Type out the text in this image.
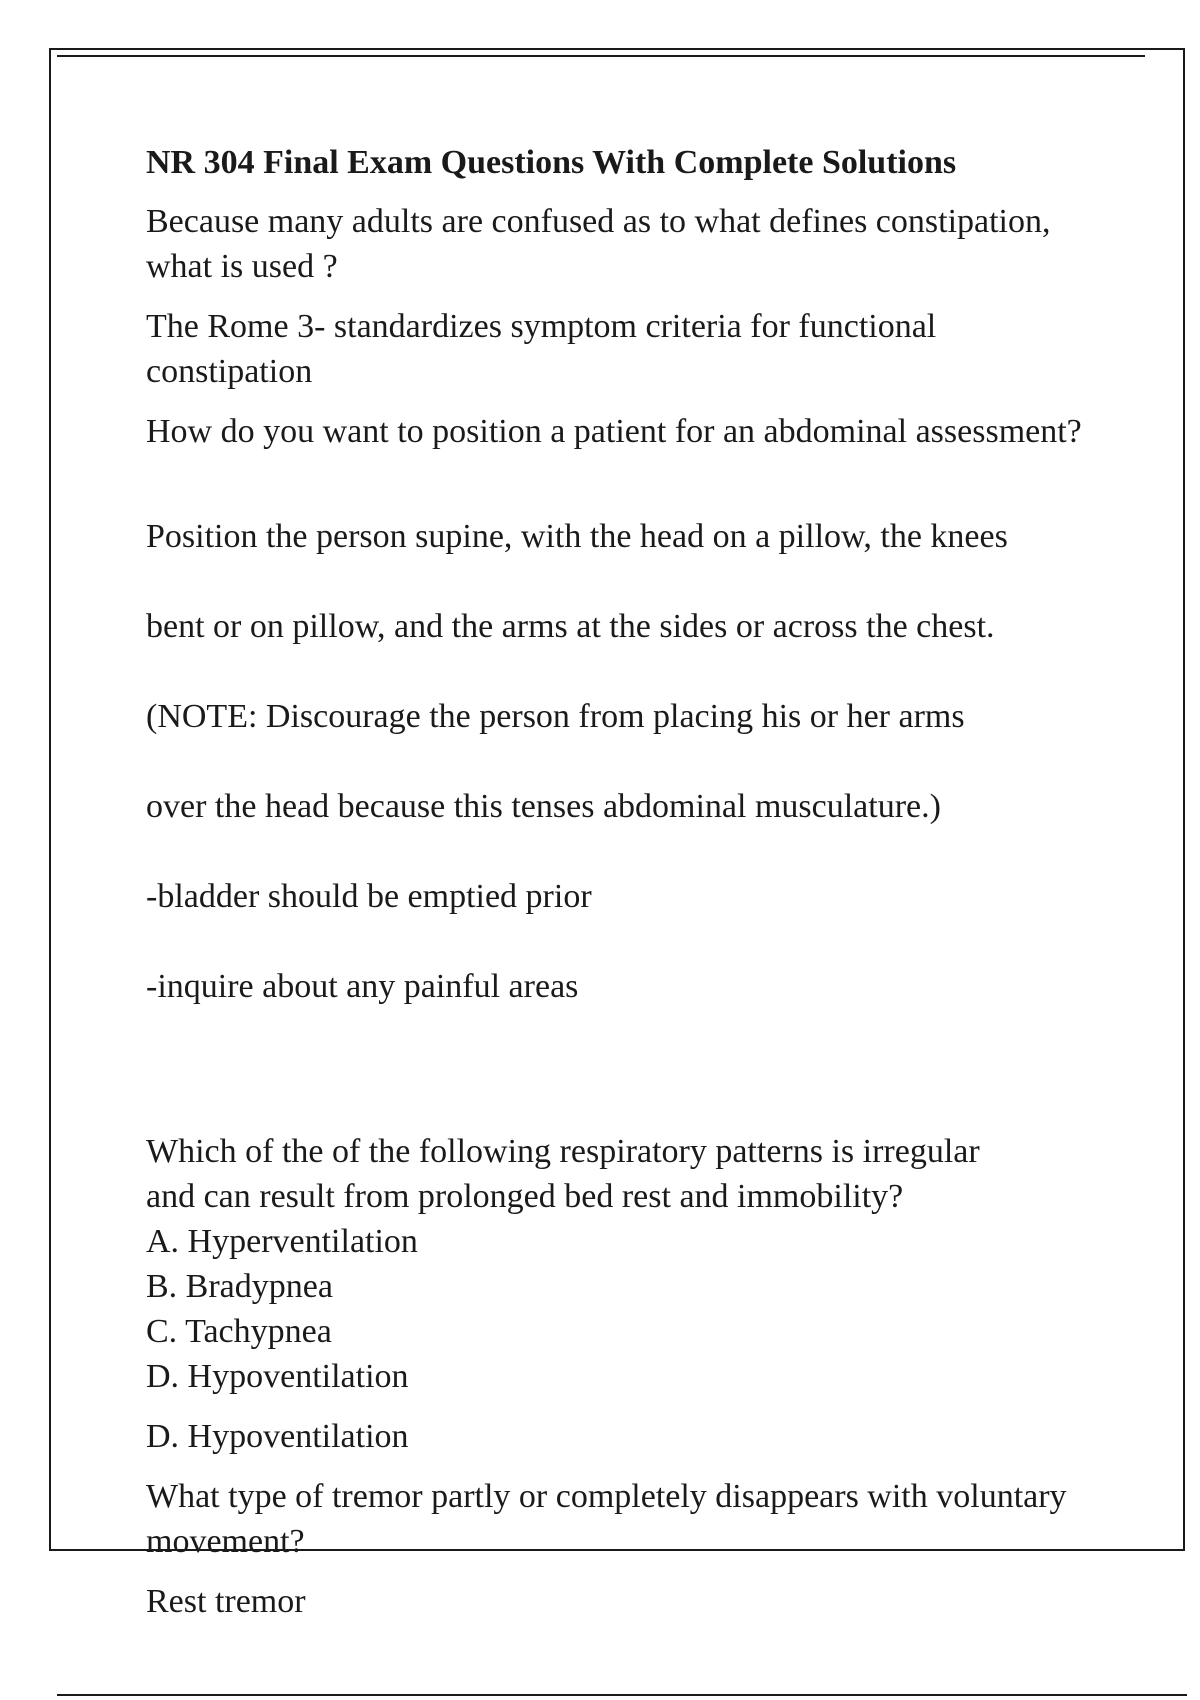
NR 304 Final Exam Questions With Complete Solutions
Because many adults are confused as to what defines constipation, what is used ?
The Rome 3- standardizes symptom criteria for functional constipation
How do you want to position a patient for an abdominal assessment?

Position the person supine, with the head on a pillow, the knees

bent or on pillow, and the arms at the sides or across the chest.

(NOTE: Discourage the person from placing his or her arms

over the head because this tenses abdominal musculature.)

-bladder should be emptied prior

-inquire about any painful areas

Which of the of the following respiratory patterns is irregular
and can result from prolonged bed rest and immobility?
A. Hyperventilation
B. Bradypnea
C. Tachypnea
D. Hypoventilation
D. Hypoventilation
What type of tremor partly or completely disappears with voluntary movement?
Rest tremor
